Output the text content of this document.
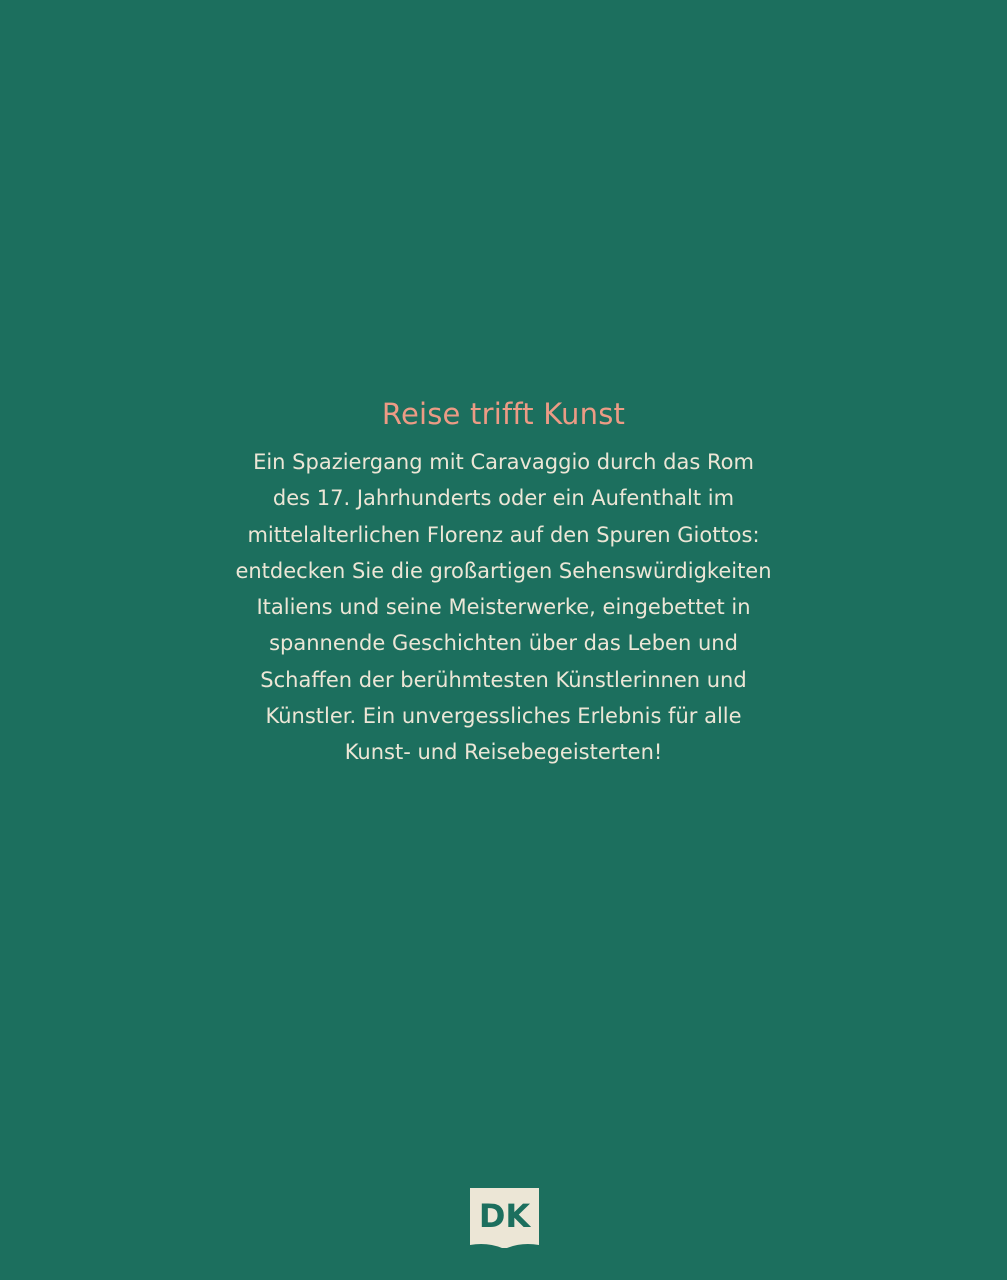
Reise trifft Kunst

Ein Spaziergang mit Caravaggio durch das Rom
des 17. Jahrhunderts oder ein Aufenthalt im
mittelalterlichen Florenz auf den Spuren Giottos:
entdecken Sie die großartigen Sehenswürdigkeiten
Italiens und seine Meisterwerke, eingebettet in
spannende Geschichten über das Leben und
Schaffen der berühmtesten Künstlerinnen und
Künstler. Ein unvergessliches Erlebnis für alle
Kunst- und Reisebegeisterten!

DK
